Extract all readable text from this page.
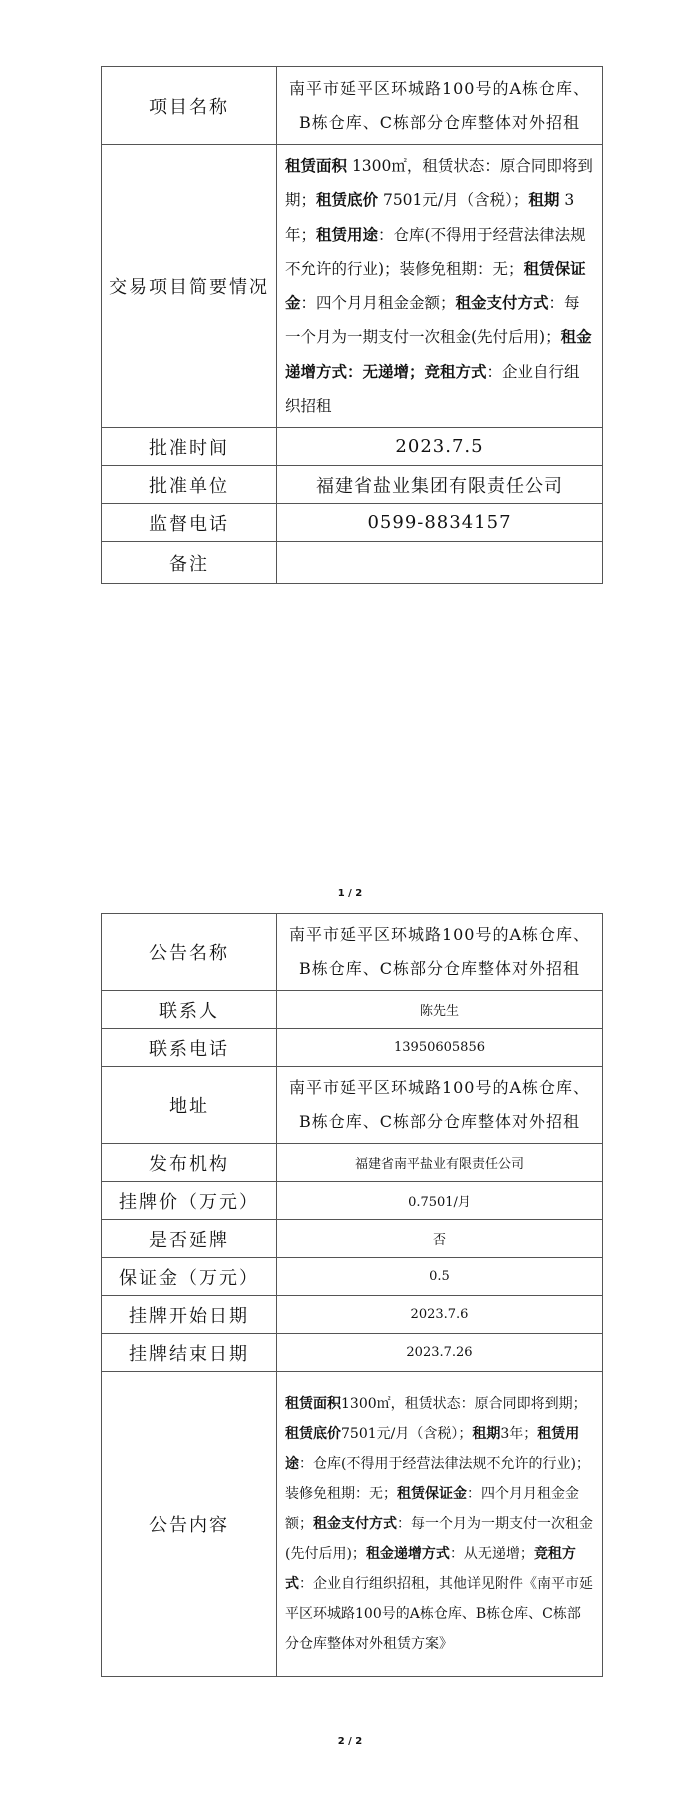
项目名称	南平市延平区环城路100号的A栋仓库、B栋仓库、C栋部分仓库整体对外招租
交易项目简要情况	租赁面积 1300㎡，租赁状态：原合同即将到期；租赁底价 7501元/月（含税）；租期 3年；租赁用途：仓库(不得用于经营法律法规不允许的行业)；装修免租期：无；租赁保证金：四个月月租金金额；租金支付方式：每一个月为一期支付一次租金(先付后用)；租金递增方式：无递增；竞租方式：企业自行组织招租
批准时间	2023.7.5
批准单位	福建省盐业集团有限责任公司
监督电话	0599-8834157
备注	
1 / 2
公告名称	南平市延平区环城路100号的A栋仓库、B栋仓库、C栋部分仓库整体对外招租
联系人	陈先生
联系电话	13950605856
地址	南平市延平区环城路100号的A栋仓库、B栋仓库、C栋部分仓库整体对外招租
发布机构	福建省南平盐业有限责任公司
挂牌价（万元）	0.7501/月
是否延牌	否
保证金（万元）	0.5
挂牌开始日期	2023.7.6
挂牌结束日期	2023.7.26
公告内容	租赁面积1300㎡，租赁状态：原合同即将到期；租赁底价7501元/月（含税）；租期3年；租赁用途：仓库(不得用于经营法律法规不允许的行业)；装修免租期：无；租赁保证金：四个月月租金金额；租金支付方式：每一个月为一期支付一次租金(先付后用)；租金递增方式：从无递增；竞租方式：企业自行组织招租，其他详见附件《南平市延平区环城路100号的A栋仓库、B栋仓库、C栋部分仓库整体对外租赁方案》
2 / 2
